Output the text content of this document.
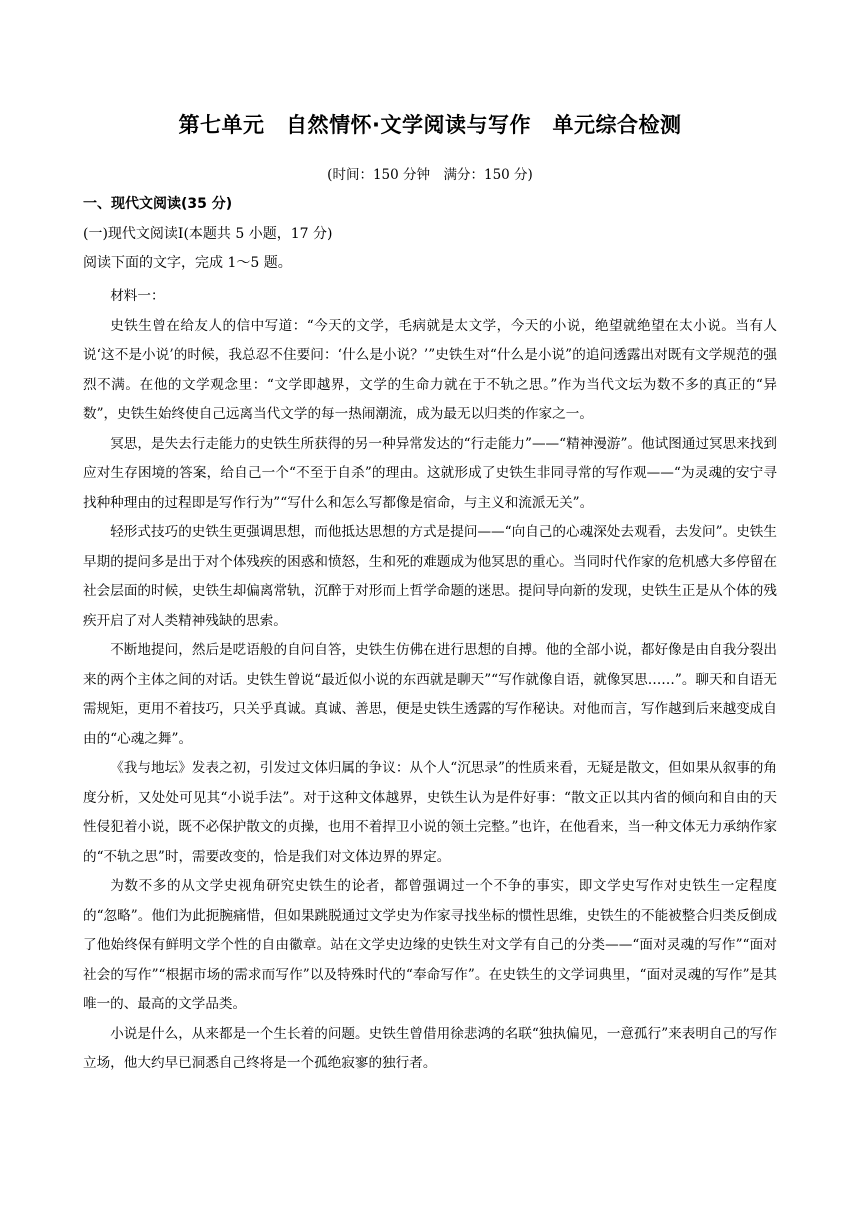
第七单元　自然情怀·文学阅读与写作　单元综合检测
(时间：150 分钟　满分：150 分)
一、现代文阅读(35 分)
(一)现代文阅读Ⅰ(本题共 5 小题，17 分)
阅读下面的文字，完成 1～5 题。

材料一：

史铁生曾在给友人的信中写道：“今天的文学，毛病就是太文学，今天的小说，绝望就绝望在太小说。当有人说‘这不是小说’的时候，我总忍不住要问：‘什么是小说？’”史铁生对“什么是小说”的追问透露出对既有文学规范的强烈不满。在他的文学观念里：“文学即越界，文学的生命力就在于不轨之思。”作为当代文坛为数不多的真正的“异数”，史铁生始终使自己远离当代文学的每一热闹潮流，成为最无以归类的作家之一。

冥思，是失去行走能力的史铁生所获得的另一种异常发达的“行走能力”——“精神漫游”。他试图通过冥思来找到应对生存困境的答案，给自己一个“不至于自杀”的理由。这就形成了史铁生非同寻常的写作观——“为灵魂的安宁寻找种种理由的过程即是写作行为”“写什么和怎么写都像是宿命，与主义和流派无关”。

轻形式技巧的史铁生更强调思想，而他抵达思想的方式是提问——“向自己的心魂深处去观看，去发问”。史铁生早期的提问多是出于对个体残疾的困惑和愤怒，生和死的难题成为他冥思的重心。当同时代作家的危机感大多停留在社会层面的时候，史铁生却偏离常轨，沉醉于对形而上哲学命题的迷思。提问导向新的发现，史铁生正是从个体的残疾开启了对人类精神残缺的思索。

不断地提问，然后是呓语般的自问自答，史铁生仿佛在进行思想的自搏。他的全部小说，都好像是由自我分裂出来的两个主体之间的对话。史铁生曾说“最近似小说的东西就是聊天”“写作就像自语，就像冥思……”。聊天和自语无需规矩，更用不着技巧，只关乎真诚。真诚、善思，便是史铁生透露的写作秘诀。对他而言，写作越到后来越变成自由的“心魂之舞”。

《我与地坛》发表之初，引发过文体归属的争议：从个人“沉思录”的性质来看，无疑是散文，但如果从叙事的角度分析，又处处可见其“小说手法”。对于这种文体越界，史铁生认为是件好事：“散文正以其内省的倾向和自由的天性侵犯着小说，既不必保护散文的贞操，也用不着捍卫小说的领土完整。”也许，在他看来，当一种文体无力承纳作家的“不轨之思”时，需要改变的，恰是我们对文体边界的界定。

为数不多的从文学史视角研究史铁生的论者，都曾强调过一个不争的事实，即文学史写作对史铁生一定程度的“忽略”。他们为此扼腕痛惜，但如果跳脱通过文学史为作家寻找坐标的惯性思维，史铁生的不能被整合归类反倒成了他始终保有鲜明文学个性的自由徽章。站在文学史边缘的史铁生对文学有自己的分类——“面对灵魂的写作”“面对社会的写作”“根据市场的需求而写作”以及特殊时代的“奉命写作”。在史铁生的文学词典里，“面对灵魂的写作”是其唯一的、最高的文学品类。

小说是什么，从来都是一个生长着的问题。史铁生曾借用徐悲鸿的名联“独执偏见，一意孤行”来表明自己的写作立场，他大约早已洞悉自己终将是一个孤绝寂寥的独行者。
